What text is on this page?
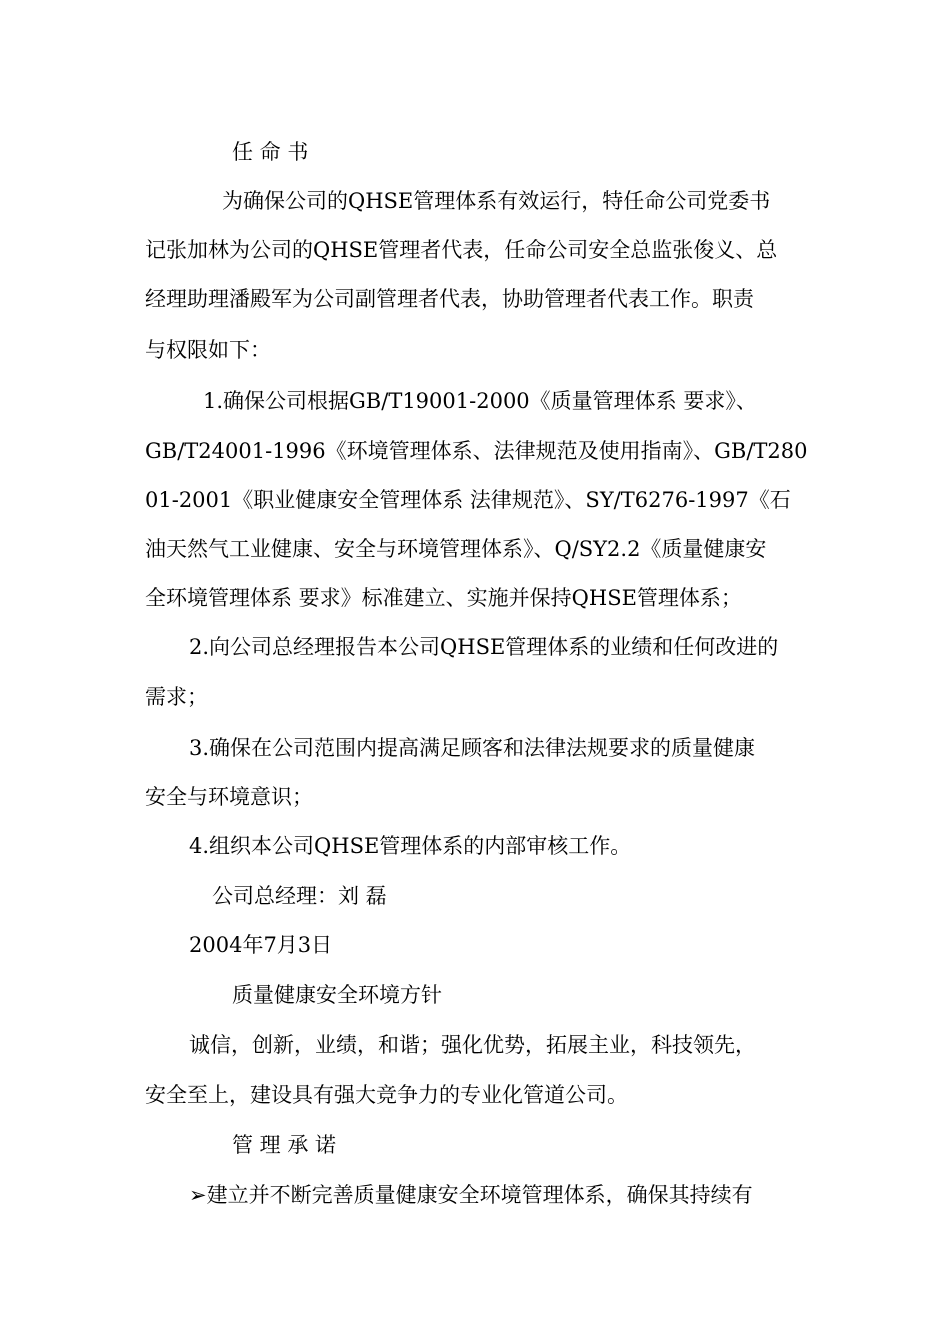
任 命 书
为确保公司的QHSE管理体系有效运行，特任命公司党委书
记张加林为公司的QHSE管理者代表，任命公司安全总监张俊义、总
经理助理潘殿军为公司副管理者代表，协助管理者代表工作。职责
与权限如下：
1.确保公司根据GB/T19001-2000《质量管理体系 要求》、
GB/T24001-1996《环境管理体系、法律规范及使用指南》、GB/T280
01-2001《职业健康安全管理体系 法律规范》、SY/T6276-1997《石
油天然气工业健康、安全与环境管理体系》、Q/SY2.2《质量健康安
全环境管理体系 要求》标准建立、实施并保持QHSE管理体系；
2.向公司总经理报告本公司QHSE管理体系的业绩和任何改进的
需求；
3.确保在公司范围内提高满足顾客和法律法规要求的质量健康
安全与环境意识；
4.组织本公司QHSE管理体系的内部审核工作。
公司总经理：刘 磊
2004年7月3日
质量健康安全环境方针
诚信，创新，业绩，和谐；强化优势，拓展主业，科技领先，
安全至上，建设具有强大竞争力的专业化管道公司。
管 理 承 诺
➢建立并不断完善质量健康安全环境管理体系，确保其持续有
